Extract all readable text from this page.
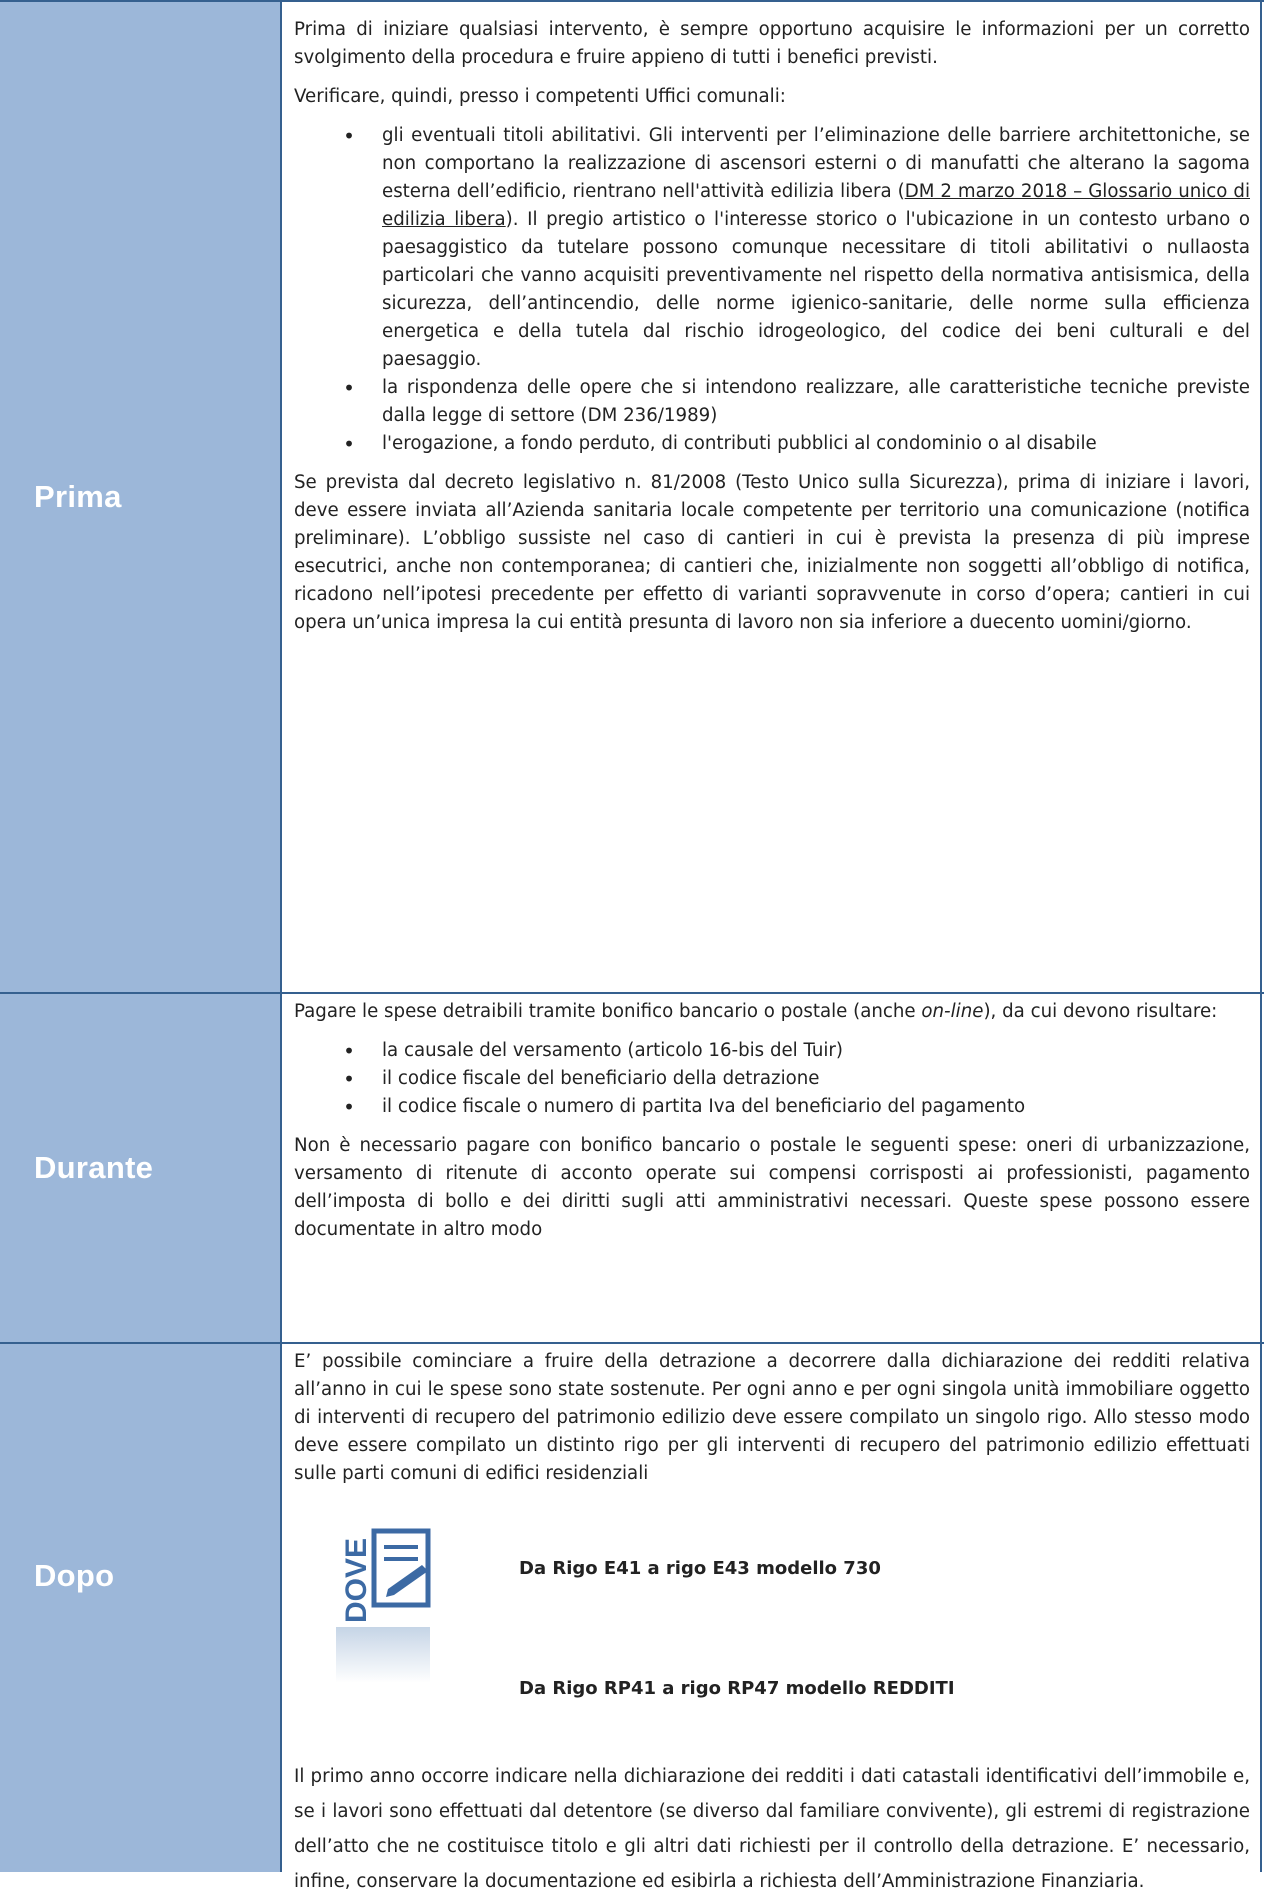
Prima

Prima di iniziare qualsiasi intervento, è sempre opportuno acquisire le informazioni per un corretto svolgimento della procedura e fruire appieno di tutti i benefici previsti.

Verificare, quindi, presso i competenti Uffici comunali:

•
gli eventuali titoli abilitativi. Gli interventi per l’eliminazione delle barriere architettoniche, se non comportano la realizzazione di ascensori esterni o di manufatti che alterano la sagoma esterna dell’edificio, rientrano nell'attività edilizia libera (DM 2 marzo 2018 – Glossario unico di edilizia libera). Il pregio artistico o l'interesse storico o l'ubicazione in un contesto urbano o paesaggistico da tutelare possono comunque necessitare di titoli abilitativi o nullaosta particolari che vanno acquisiti preventivamente nel rispetto della normativa antisismica, della sicurezza, dell’antincendio, delle norme igienico-sanitarie, delle norme sulla efficienza energetica e della tutela dal rischio idrogeologico, del codice dei beni culturali e del paesaggio.
•
la rispondenza delle opere che si intendono realizzare, alle caratteristiche tecniche previste dalla legge di settore (DM 236/1989)
•
l'erogazione, a fondo perduto, di contributi pubblici al condominio o al disabile

Se prevista dal decreto legislativo n. 81/2008 (Testo Unico sulla Sicurezza), prima di iniziare i lavori, deve essere inviata all’Azienda sanitaria locale competente per territorio una comunicazione (notifica preliminare). L’obbligo sussiste nel caso di cantieri in cui è prevista la presenza di più imprese esecutrici, anche non contemporanea; di cantieri che, inizialmente non soggetti all’obbligo di notifica, ricadono nell’ipotesi precedente per effetto di varianti sopravvenute in corso d’opera; cantieri in cui opera un’unica impresa la cui entità presunta di lavoro non sia inferiore a duecento uomini/giorno.

Durante

Pagare le spese detraibili tramite bonifico bancario o postale (anche on-line), da cui devono risultare:

•
la causale del versamento (articolo 16-bis del Tuir)
•
il codice fiscale del beneficiario della detrazione
•
il codice fiscale o numero di partita Iva del beneficiario del pagamento

Non è necessario pagare con bonifico bancario o postale le seguenti spese: oneri di urbanizzazione, versamento di ritenute di acconto operate sui compensi corrisposti ai professionisti, pagamento dell’imposta di bollo e dei diritti sugli atti amministrativi necessari. Queste spese possono essere documentate in altro modo

Dopo

E’ possibile cominciare a fruire della detrazione a decorrere dalla dichiarazione dei redditi relativa all’anno in cui le spese sono state sostenute. Per ogni anno e per ogni singola unità immobiliare oggetto di interventi di recupero del patrimonio edilizio deve essere compilato un singolo rigo. Allo stesso modo deve essere compilato un distinto rigo per gli interventi di recupero del patrimonio edilizio effettuati sulle parti comuni di edifici residenziali

DOVE	Da Rigo E41 a rigo E43 modello 730
Da Rigo RP41 a rigo RP47 modello REDDITI

Il primo anno occorre indicare nella dichiarazione dei redditi i dati catastali identificativi dell’immobile e, se i lavori sono effettuati dal detentore (se diverso dal familiare convivente), gli estremi di registrazione dell’atto che ne costituisce titolo e gli altri dati richiesti per il controllo della detrazione. E’ necessario, infine, conservare la documentazione ed esibirla a richiesta dell’Amministrazione Finanziaria.
